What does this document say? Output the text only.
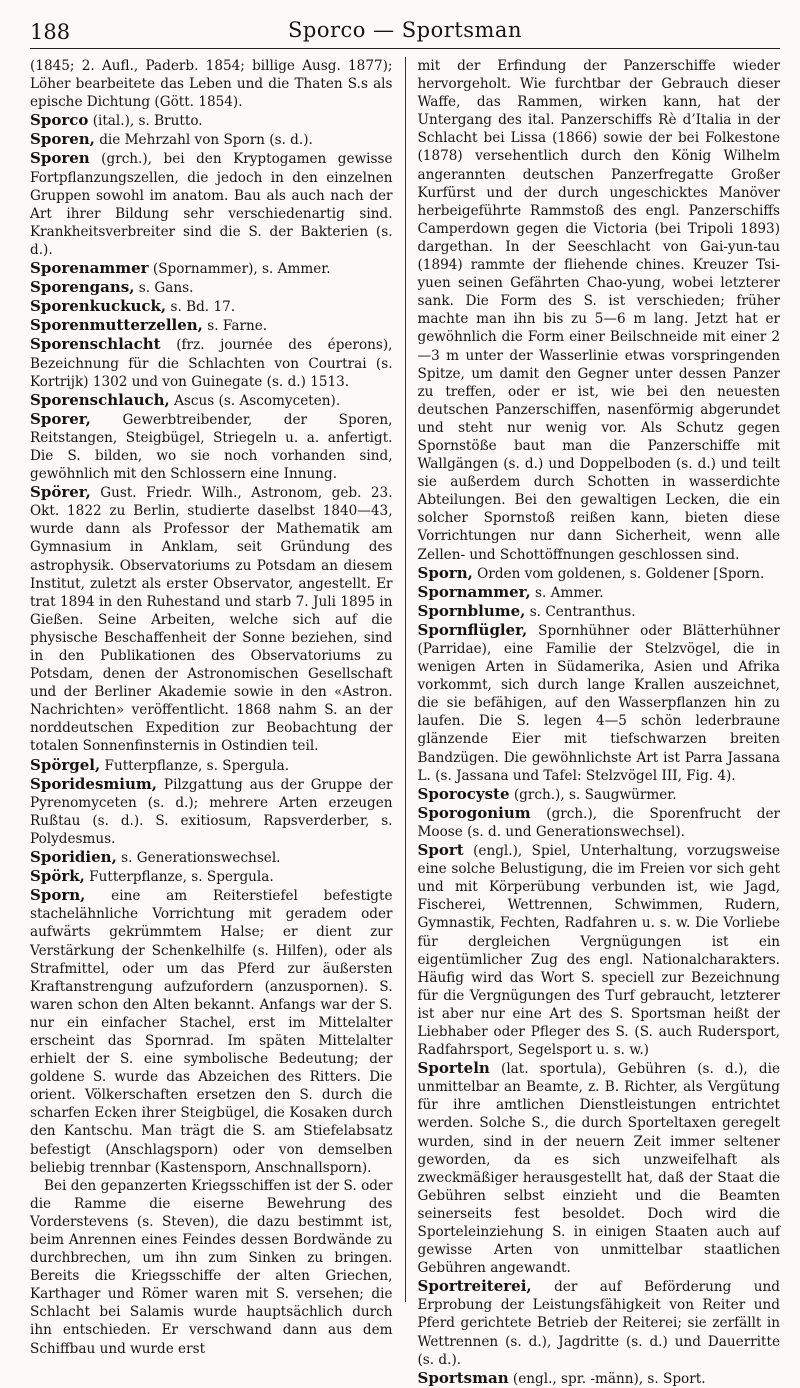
188	Sporco — Sportsman

(1845; 2. Aufl., Paderb. 1854; billige Ausg. 1877); Löher bearbeitete das Leben und die Thaten S.s als epische Dichtung (Gött. 1854).

Sporco (ital.), s. Brutto.

Sporen, die Mehrzahl von Sporn (s. d.).

Sporen (grch.), bei den Kryptogamen gewisse Fortpflanzungszellen, die jedoch in den einzelnen Gruppen sowohl im anatom. Bau als auch nach der Art ihrer Bildung sehr verschiedenartig sind. Krankheitsverbreiter sind die S. der Bakterien (s. d.).

Sporenammer (Spornammer), s. Ammer.

Sporengans, s. Gans.

Sporenkuckuck, s. Bd. 17.

Sporenmutterzellen, s. Farne.

Sporenschlacht (frz. journée des éperons), Bezeichnung für die Schlachten von Courtrai (s. Kortrijk) 1302 und von Guinegate (s. d.) 1513.

Sporenschlauch, Ascus (s. Ascomyceten).

Sporer, Gewerbtreibender, der Sporen, Reitstangen, Steigbügel, Striegeln u. a. anfertigt. Die S. bilden, wo sie noch vorhanden sind, gewöhnlich mit den Schlossern eine Innung.

Spörer, Gust. Friedr. Wilh., Astronom, geb. 23. Okt. 1822 zu Berlin, studierte daselbst 1840—43, wurde dann als Professor der Mathematik am Gymnasium in Anklam, seit Gründung des astrophysik. Observatoriums zu Potsdam an diesem Institut, zuletzt als erster Observator, angestellt. Er trat 1894 in den Ruhestand und starb 7. Juli 1895 in Gießen. Seine Arbeiten, welche sich auf die physische Beschaffenheit der Sonne beziehen, sind in den Publikationen des Observatoriums zu Potsdam, denen der Astronomischen Gesellschaft und der Berliner Akademie sowie in den «Astron. Nachrichten» veröffentlicht. 1868 nahm S. an der norddeutschen Expedition zur Beobachtung der totalen Sonnenfinsternis in Ostindien teil.

Spörgel, Futterpflanze, s. Spergula.

Sporidesmium, Pilzgattung aus der Gruppe der Pyrenomyceten (s. d.); mehrere Arten erzeugen Rußtau (s. d.). S. exitiosum, Rapsverderber, s. Polydesmus.

Sporidien, s. Generationswechsel.

Spörk, Futterpflanze, s. Spergula.

Sporn, eine am Reiterstiefel befestigte stachelähnliche Vorrichtung mit geradem oder aufwärts gekrümmtem Halse; er dient zur Verstärkung der Schenkelhilfe (s. Hilfen), oder als Strafmittel, oder um das Pferd zur äußersten Kraftanstrengung aufzufordern (anzuspornen). S. waren schon den Alten bekannt. Anfangs war der S. nur ein einfacher Stachel, erst im Mittelalter erscheint das Spornrad. Im späten Mittelalter erhielt der S. eine symbolische Bedeutung; der goldene S. wurde das Abzeichen des Ritters. Die orient. Völkerschaften ersetzen den S. durch die scharfen Ecken ihrer Steigbügel, die Kosaken durch den Kantschu. Man trägt die S. am Stiefelabsatz befestigt (Anschlagsporn) oder von demselben beliebig trennbar (Kastensporn, Anschnallsporn).

Bei den gepanzerten Kriegsschiffen ist der S. oder die Ramme die eiserne Bewehrung des Vorderstevens (s. Steven), die dazu bestimmt ist, beim Anrennen eines Feindes dessen Bordwände zu durchbrechen, um ihn zum Sinken zu bringen. Bereits die Kriegsschiffe der alten Griechen, Karthager und Römer waren mit S. versehen; die Schlacht bei Salamis wurde hauptsächlich durch ihn entschieden. Er verschwand dann aus dem Schiffbau und wurde erst

mit der Erfindung der Panzerschiffe wieder hervorgeholt. Wie furchtbar der Gebrauch dieser Waffe, das Rammen, wirken kann, hat der Untergang des ital. Panzerschiffs Rè d’Italia in der Schlacht bei Lissa (1866) sowie der bei Folkestone (1878) versehentlich durch den König Wilhelm angerannten deutschen Panzerfregatte Großer Kurfürst und der durch ungeschicktes Manöver herbeigeführte Rammstoß des engl. Panzerschiffs Camperdown gegen die Victoria (bei Tripoli 1893) dargethan. In der Seeschlacht von Gai-yun-tau (1894) rammte der fliehende chines. Kreuzer Tsi-yuen seinen Gefährten Chao-yung, wobei letzterer sank. Die Form des S. ist verschieden; früher machte man ihn bis zu 5—6 m lang. Jetzt hat er gewöhnlich die Form einer Beilschneide mit einer 2—3 m unter der Wasserlinie etwas vorspringenden Spitze, um damit den Gegner unter dessen Panzer zu treffen, oder er ist, wie bei den neuesten deutschen Panzerschiffen, nasenförmig abgerundet und steht nur wenig vor. Als Schutz gegen Spornstöße baut man die Panzerschiffe mit Wallgängen (s. d.) und Doppelboden (s. d.) und teilt sie außerdem durch Schotten in wasserdichte Abteilungen. Bei den gewaltigen Lecken, die ein solcher Spornstoß reißen kann, bieten diese Vorrichtungen nur dann Sicherheit, wenn alle Zellen- und Schottöffnungen geschlossen sind.

Sporn, Orden vom goldenen, s. Goldener [Sporn.

Spornammer, s. Ammer.

Spornblume, s. Centranthus.

Spornflügler, Spornhühner oder Blätterhühner (Parridae), eine Familie der Stelzvögel, die in wenigen Arten in Südamerika, Asien und Afrika vorkommt, sich durch lange Krallen auszeichnet, die sie befähigen, auf den Wasserpflanzen hin zu laufen. Die S. legen 4—5 schön lederbraune glänzende Eier mit tiefschwarzen breiten Bandzügen. Die gewöhnlichste Art ist Parra Jassana L. (s. Jassana und Tafel: Stelzvögel III, Fig. 4).

Sporocyste (grch.), s. Saugwürmer.

Sporogonium (grch.), die Sporenfrucht der Moose (s. d. und Generationswechsel).

Sport (engl.), Spiel, Unterhaltung, vorzugsweise eine solche Belustigung, die im Freien vor sich geht und mit Körperübung verbunden ist, wie Jagd, Fischerei, Wettrennen, Schwimmen, Rudern, Gymnastik, Fechten, Radfahren u. s. w. Die Vorliebe für dergleichen Vergnügungen ist ein eigentümlicher Zug des engl. Nationalcharakters. Häufig wird das Wort S. speciell zur Bezeichnung für die Vergnügungen des Turf gebraucht, letzterer ist aber nur eine Art des S. Sportsman heißt der Liebhaber oder Pfleger des S. (S. auch Rudersport, Radfahrsport, Segelsport u. s. w.)

Sporteln (lat. sportula), Gebühren (s. d.), die unmittelbar an Beamte, z. B. Richter, als Vergütung für ihre amtlichen Dienstleistungen entrichtet werden. Solche S., die durch Sporteltaxen geregelt wurden, sind in der neuern Zeit immer seltener geworden, da es sich unzweifelhaft als zweckmäßiger herausgestellt hat, daß der Staat die Gebühren selbst einzieht und die Beamten seinerseits fest besoldet. Doch wird die Sporteleinziehung S. in einigen Staaten auch auf gewisse Arten von unmittelbar staatlichen Gebühren angewandt.

Sportreiterei, der auf Beförderung und Erprobung der Leistungsfähigkeit von Reiter und Pferd gerichtete Betrieb der Reiterei; sie zerfällt in Wettrennen (s. d.), Jagdritte (s. d.) und Dauerritte (s. d.).

Sportsman (engl., spr. -männ), s. Sport.
